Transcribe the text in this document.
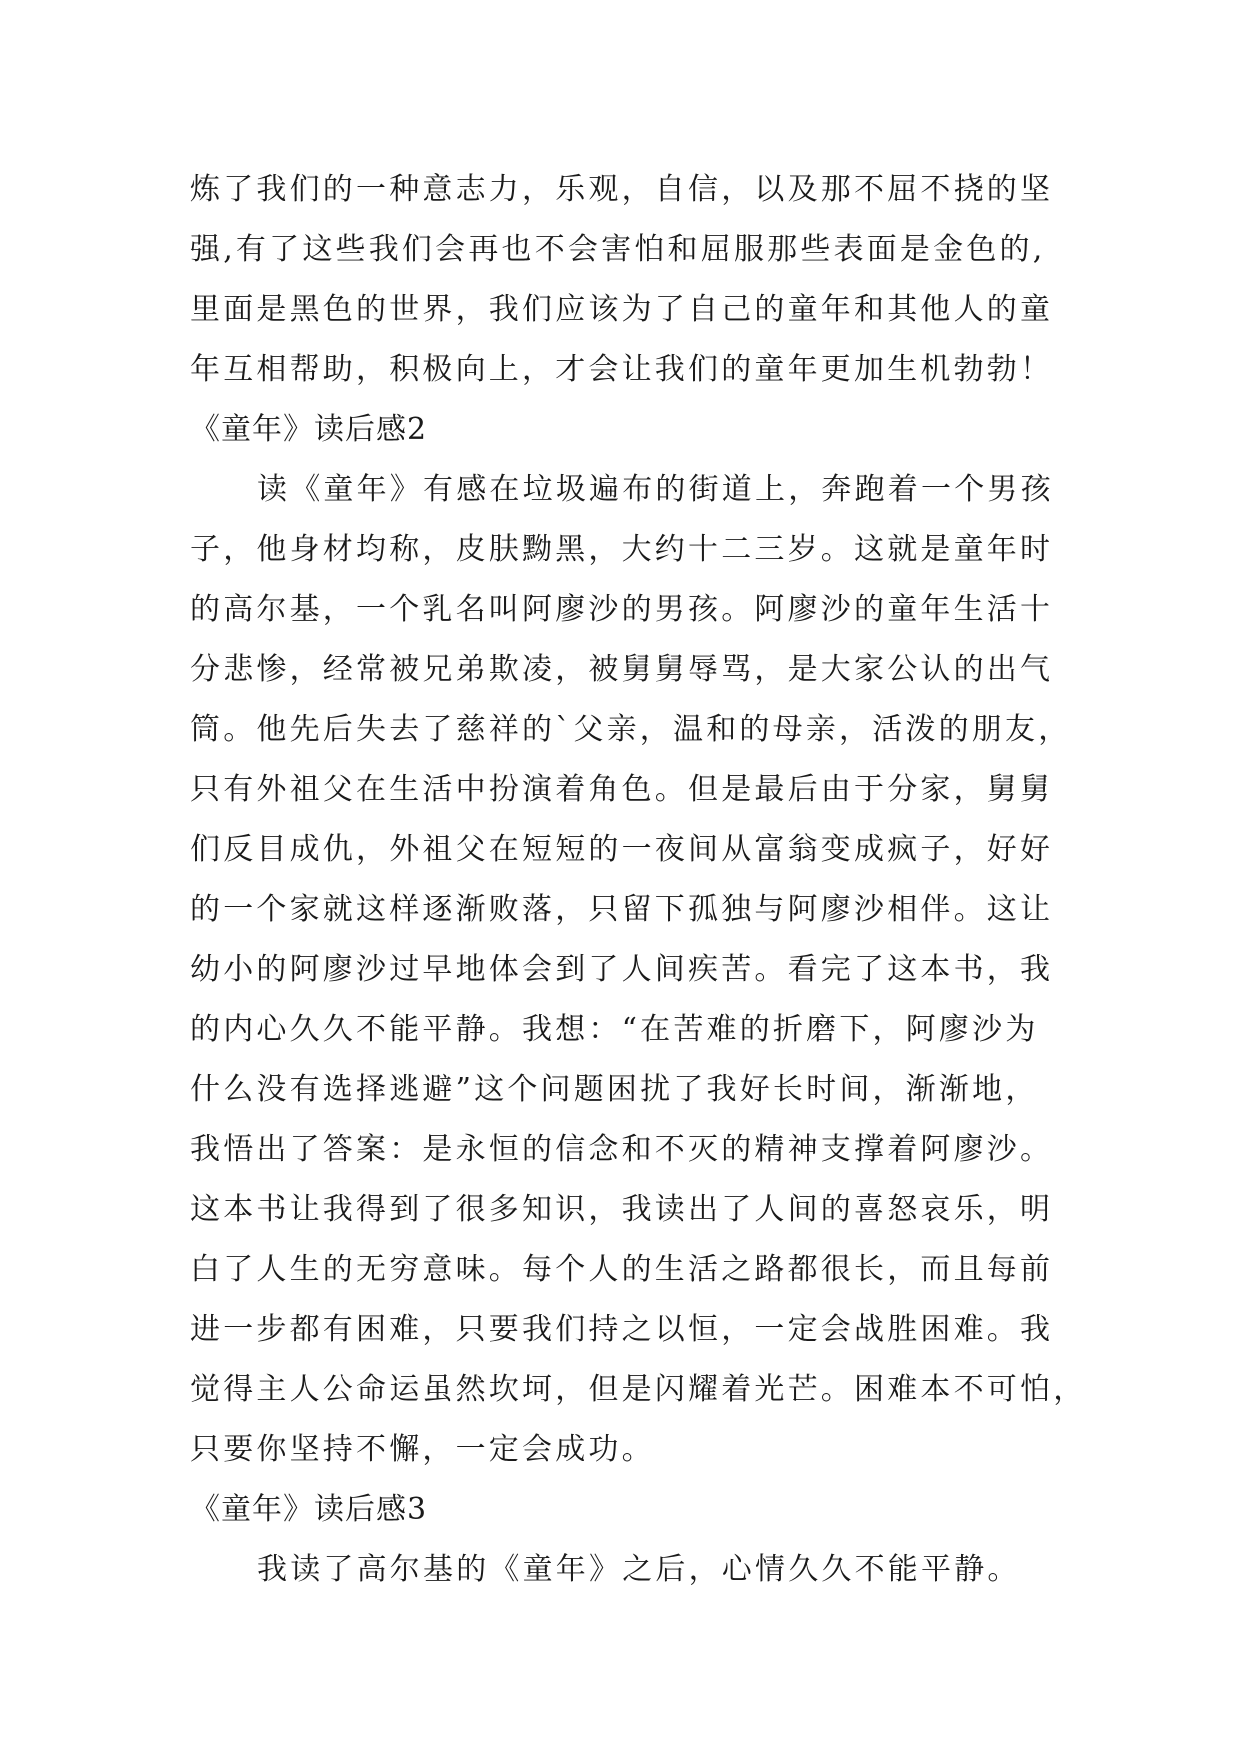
炼了我们的一种意志力，乐观，自信，以及那不屈不挠的坚
强,有了这些我们会再也不会害怕和屈服那些表面是金色的,
里面是黑色的世界，我们应该为了自己的童年和其他人的童
年互相帮助，积极向上，才会让我们的童年更加生机勃勃！
《童年》读后感2
读《童年》有感在垃圾遍布的街道上，奔跑着一个男孩
子，他身材均称，皮肤黝黑，大约十二三岁。这就是童年时
的高尔基，一个乳名叫阿廖沙的男孩。阿廖沙的童年生活十
分悲惨，经常被兄弟欺凌，被舅舅辱骂，是大家公认的出气
筒。他先后失去了慈祥的`父亲，温和的母亲，活泼的朋友，
只有外祖父在生活中扮演着角色。但是最后由于分家，舅舅
们反目成仇，外祖父在短短的一夜间从富翁变成疯子，好好
的一个家就这样逐渐败落，只留下孤独与阿廖沙相伴。这让
幼小的阿廖沙过早地体会到了人间疾苦。看完了这本书，我
的内心久久不能平静。我想：“在苦难的折磨下，阿廖沙为
什么没有选择逃避”这个问题困扰了我好长时间，渐渐地，
我悟出了答案：是永恒的信念和不灭的精神支撑着阿廖沙。
这本书让我得到了很多知识，我读出了人间的喜怒哀乐，明
白了人生的无穷意味。每个人的生活之路都很长，而且每前
进一步都有困难，只要我们持之以恒，一定会战胜困难。我
觉得主人公命运虽然坎坷，但是闪耀着光芒。困难本不可怕，
只要你坚持不懈，一定会成功。
《童年》读后感3
我读了高尔基的《童年》之后，心情久久不能平静。
